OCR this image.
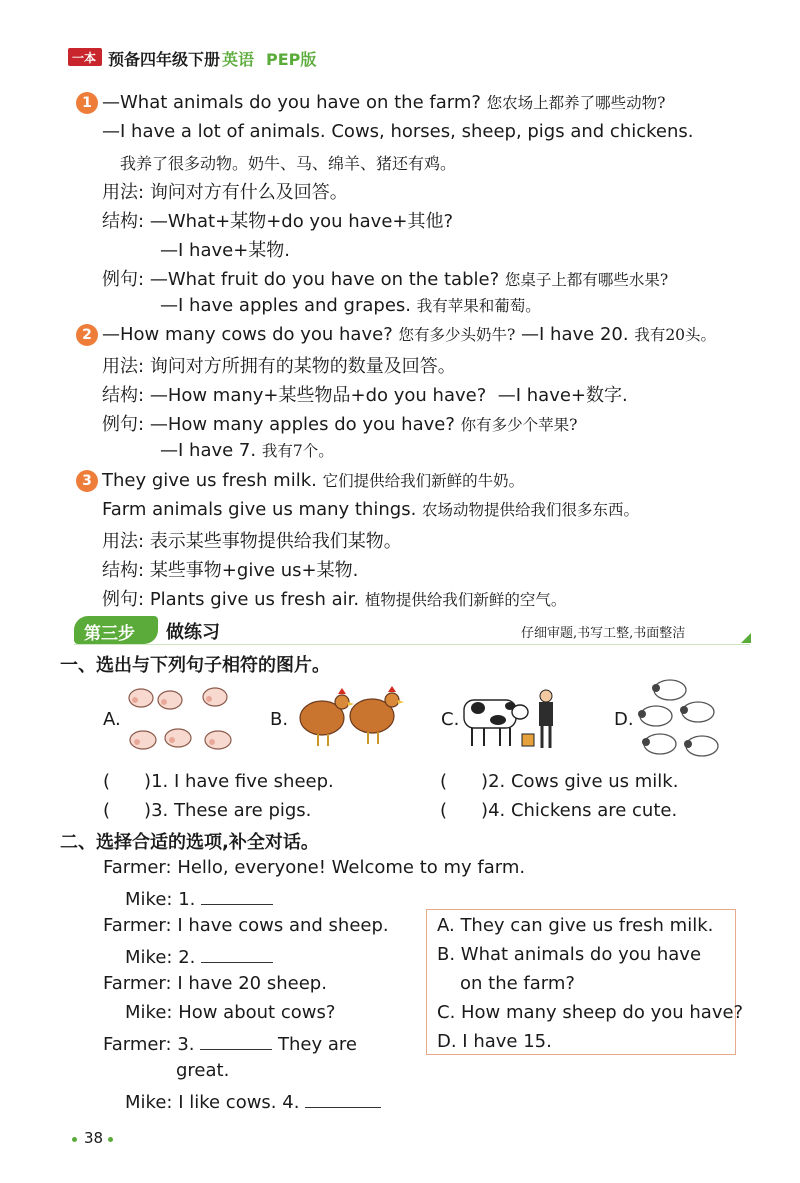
一本 预备四年级下册 英语 PEP版
1 —What animals do you have on the farm? 您农场上都养了哪些动物?
—I have a lot of animals. Cows, horses, sheep, pigs and chickens.
我养了很多动物。奶牛、马、绵羊、猪还有鸡。
用法: 询问对方有什么及回答。
结构: —What+某物+do you have+其他?
—I have+某物.
例句: —What fruit do you have on the table? 您桌子上都有哪些水果?
—I have apples and grapes. 我有苹果和葡萄。
2 —How many cows do you have? 您有多少头奶牛? —I have 20. 我有20头。
用法: 询问对方所拥有的某物的数量及回答。
结构: —How many+某些物品+do you have? —I have+数字.
例句: —How many apples do you have? 你有多少个苹果?
—I have 7. 我有7个。
3 They give us fresh milk. 它们提供给我们新鲜的牛奶。
Farm animals give us many things. 农场动物提供给我们很多东西。
用法: 表示某些事物提供给我们某物。
结构: 某些事物+give us+某物.
例句: Plants give us fresh air. 植物提供给我们新鲜的空气。
第三步 做练习	仔细审题,书写工整,书面整洁
一、选出与下列句子相符的图片。
A.	B.	C.	D.
( )1. I have five sheep.	( )2. Cows give us milk.
( )3. These are pigs.	( )4. Chickens are cute.
二、选择合适的选项,补全对话。
Farmer: Hello, everyone! Welcome to my farm.
Mike: 1.
Farmer: I have cows and sheep.
Mike: 2.
Farmer: I have 20 sheep.
Mike: How about cows?
Farmer: 3.	They are
great.
Mike: I like cows. 4.
A. They can give us fresh milk.
B. What animals do you have
on the farm?
C. How many sheep do you have?
D. I have 15.
38
